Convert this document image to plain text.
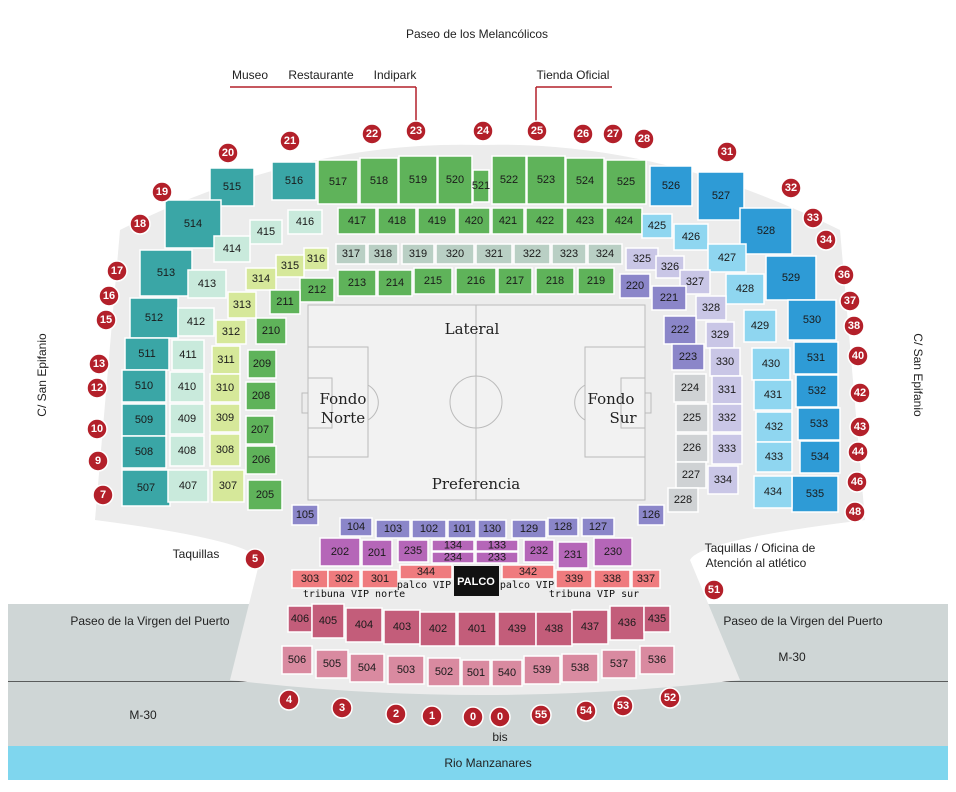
Paseo de los Melancólicos
Museo Restaurante Indipark	Tienda Oficial
C/ San Epifanio	C/ San Epifanio
Taquillas	Taquillas / Oficina de
Atención al atlético
Paseo de la Virgen del Puerto	Paseo de la Virgen del Puerto
M-30
M-30
bis
Rio Manzanares
Lateral
Preferencia
Fondo
Norte
Fondo
Sur
515	516 517 518 519 520 521 522 523 524 525 526
527
514
513
512
511
510
509
508
507
528
529
530
531
532
533
534
535
416
415
414
413
412
411
410
409
408
407
417 418 419 420 421 422 423 424 425
426
427
428
429
430
431
432
433
434
317 318 319 320 321 322 323 324
316
315
314
313
312
311
310
309
308
307
325
326
327
328
329
330
331
332
333
334
213 214 215 216 217 218 219
212
211
210
209
208
207
206
205
220
221
222
223
224
225
226
227
228
105
104 103 102 101 130 129 128 127
126
202 201 235 134
234
133
233
232 231 230
303 302 301
344	342
339 338 337
406 405 404 403 402 401 439 438 437 436 435
506 505 504 503 502 501 540 539 538 537 536
PALCO
palco VIP	palco VIP
tribuna VIP norte	tribuna VIP sur
20
21
22	23	24	25	26 27 28
31
19
18
17
16
15
13
12
10
9
7
32
33
34
36
37
38
40
42
43
44
46
48
5
51
4
3	2	1	0 0	55	54 53
52
